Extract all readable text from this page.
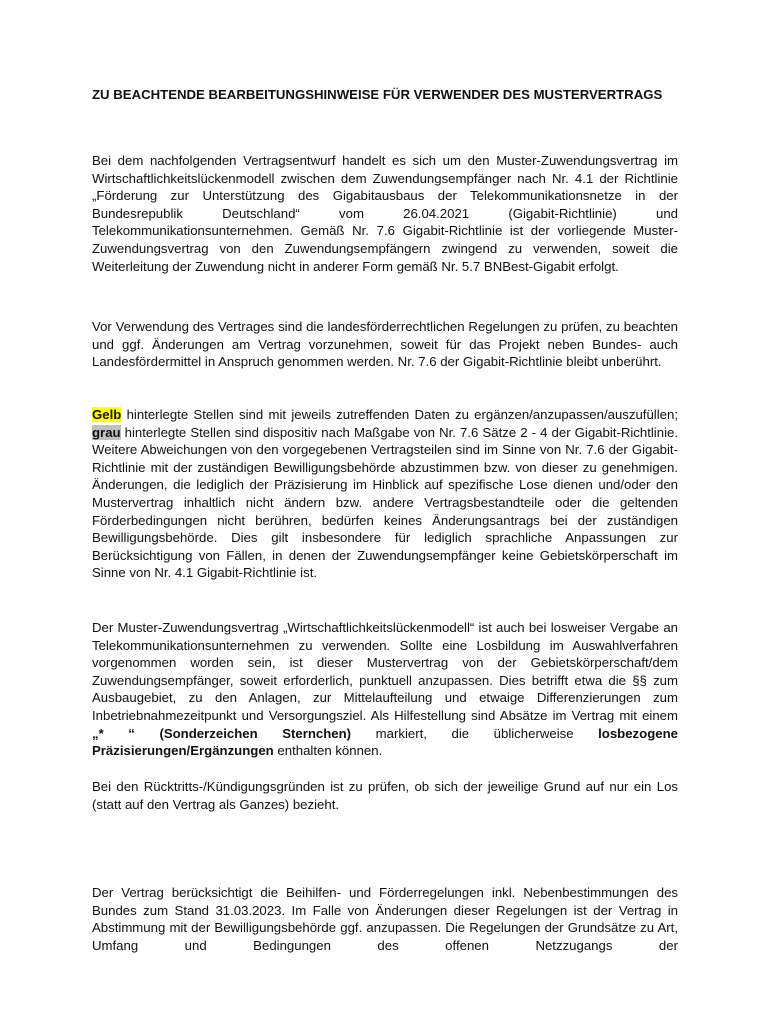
ZU BEACHTENDE BEARBEITUNGSHINWEISE FÜR VERWENDER DES MUSTERVERTRAGS

Bei dem nachfolgenden Vertragsentwurf handelt es sich um den Muster-Zuwendungsvertrag im Wirtschaftlichkeitslückenmodell zwischen dem Zuwendungsempfänger nach Nr. 4.1 der Richtlinie „Förderung zur Unterstützung des Gigabitausbaus der Telekommunikationsnetze in der Bundesrepublik Deutschland“ vom 26.04.2021 (Gigabit-Richtlinie) und Telekommunikationsunternehmen. Gemäß Nr. 7.6 Gigabit-Richtlinie ist der vorliegende Muster-Zuwendungsvertrag von den Zuwendungsempfängern zwingend zu verwenden, soweit die Weiterleitung der Zuwendung nicht in anderer Form gemäß Nr. 5.7 BNBest-Gigabit erfolgt.

Vor Verwendung des Vertrages sind die landesförderrechtlichen Regelungen zu prüfen, zu beachten und ggf. Änderungen am Vertrag vorzunehmen, soweit für das Projekt neben Bundes- auch Landesfördermittel in Anspruch genommen werden. Nr. 7.6 der Gigabit-Richtlinie bleibt unberührt.

Gelb hinterlegte Stellen sind mit jeweils zutreffenden Daten zu ergänzen/anzupassen/auszufüllen; grau hinterlegte Stellen sind dispositiv nach Maßgabe von Nr. 7.6 Sätze 2 - 4 der Gigabit-Richtlinie. Weitere Abweichungen von den vorgegebenen Vertragsteilen sind im Sinne von Nr. 7.6 der Gigabit-Richtlinie mit der zuständigen Bewilligungsbehörde abzustimmen bzw. von dieser zu genehmigen. Änderungen, die lediglich der Präzisierung im Hinblick auf spezifische Lose dienen und/oder den Mustervertrag inhaltlich nicht ändern bzw. andere Vertragsbestandteile oder die geltenden Förderbedingungen nicht berühren, bedürfen keines Änderungsantrags bei der zuständigen Bewilligungsbehörde. Dies gilt insbesondere für lediglich sprachliche Anpassungen zur Berücksichtigung von Fällen, in denen der Zuwendungsempfänger keine Gebietskörperschaft im Sinne von Nr. 4.1 Gigabit-Richtlinie ist.

Der Muster-Zuwendungsvertrag „Wirtschaftlichkeitslückenmodell“ ist auch bei losweiser Vergabe an Telekommunikationsunternehmen zu verwenden. Sollte eine Losbildung im Auswahlverfahren vorgenommen worden sein, ist dieser Mustervertrag von der Gebietskörperschaft/dem Zuwendungsempfänger, soweit erforderlich, punktuell anzupassen. Dies betrifft etwa die §§ zum Ausbaugebiet, zu den Anlagen, zur Mittelaufteilung und etwaige Differenzierungen zum Inbetriebnahmezeitpunkt und Versorgungsziel. Als Hilfestellung sind Absätze im Vertrag mit einem „* “ (Sonderzeichen Sternchen) markiert, die üblicherweise losbezogene Präzisierungen/Ergänzungen enthalten können.

Bei den Rücktritts-/Kündigungsgründen ist zu prüfen, ob sich der jeweilige Grund auf nur ein Los (statt auf den Vertrag als Ganzes) bezieht.

Der Vertrag berücksichtigt die Beihilfen- und Förderregelungen inkl. Nebenbestimmungen des Bundes zum Stand 31.03.2023. Im Falle von Änderungen dieser Regelungen ist der Vertrag in Abstimmung mit der Bewilligungsbehörde ggf. anzupassen. Die Regelungen der Grundsätze zu Art, Umfang und Bedingungen des offenen Netzzugangs der
